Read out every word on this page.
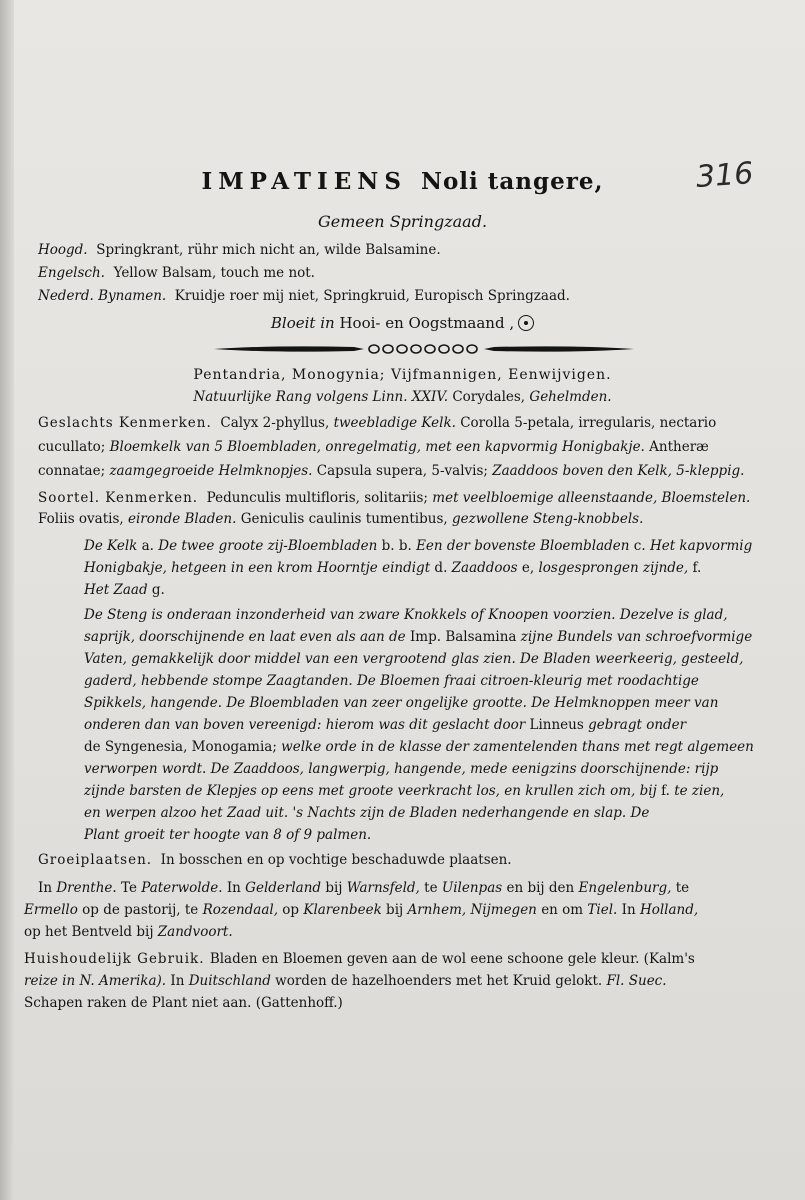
316
IMPATIENS Noli tangere,
Gemeen Springzaad.
Hoogd. Springkrant, rühr mich nicht an, wilde Balsamine.
Engelsch. Yellow Balsam, touch me not.
Nederd. Bynamen. Kruidje roer mij niet, Springkruid, Europisch Springzaad.
Bloeit in Hooi- en Oogstmaand ,
Pentandria, Monogynia; Vijfmannigen, Eenwijvigen.
Natuurlijke Rang volgens Linn. XXIV. Corydales, Gehelmden.
Geslachts Kenmerken. Calyx 2-phyllus, tweebladige Kelk. Corolla 5-petala, irregularis, nectario
cucullato; Bloemkelk van 5 Bloembladen, onregelmatig, met een kapvormig Honigbakje. Antheræ
connatae; zaamgegroeide Helmknopjes. Capsula supera, 5-valvis; Zaaddoos boven den Kelk, 5-kleppig.
Soortel. Kenmerken. Pedunculis multifloris, solitariis; met veelbloemige alleenstaande, Bloemstelen.
Foliis ovatis, eironde Bladen. Geniculis caulinis tumentibus, gezwollene Steng-knobbels.
De Kelk a. De twee groote zij-Bloembladen b. b. Een der bovenste Bloembladen c. Het kapvormig
Honigbakje, hetgeen in een krom Hoorntje eindigt d. Zaaddoos e, losgesprongen zijnde, f.
Het Zaad g.
De Steng is onderaan inzonderheid van zware Knokkels of Knoopen voorzien. Dezelve is glad,
saprijk, doorschijnende en laat even als aan de Imp. Balsamina zijne Bundels van schroefvormige
Vaten, gemakkelijk door middel van een vergrootend glas zien. De Bladen weerkeerig, gesteeld,
gaderd, hebbende stompe Zaagtanden. De Bloemen fraai citroen-kleurig met roodachtige
Spikkels, hangende. De Bloembladen van zeer ongelijke grootte. De Helmknoppen meer van
onderen dan van boven vereenigd: hierom was dit geslacht door Linneus gebragt onder
de Syngenesia, Monogamia; welke orde in de klasse der zamentelenden thans met regt algemeen
verworpen wordt. De Zaaddoos, langwerpig, hangende, mede eenigzins doorschijnende: rijp
zijnde barsten de Klepjes op eens met groote veerkracht los, en krullen zich om, bij f. te zien,
en werpen alzoo het Zaad uit. 's Nachts zijn de Bladen nederhangende en slap. De
Plant groeit ter hoogte van 8 of 9 palmen.
Groeiplaatsen. In bosschen en op vochtige beschaduwde plaatsen.
In Drenthe. Te Paterwolde. In Gelderland bij Warnsfeld, te Uilenpas en bij den Engelenburg, te
Ermello op de pastorij, te Rozendaal, op Klarenbeek bij Arnhem, Nijmegen en om Tiel. In Holland,
op het Bentveld bij Zandvoort.
Huishoudelijk Gebruik. Bladen en Bloemen geven aan de wol eene schoone gele kleur. (Kalm's
reize in N. Amerika). In Duitschland worden de hazelhoenders met het Kruid gelokt. Fl. Suec.
Schapen raken de Plant niet aan. (Gattenhoff.)
